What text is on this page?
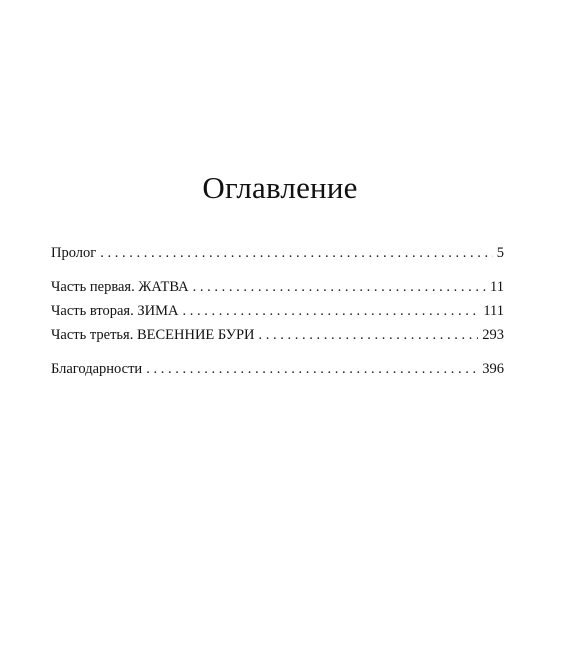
Оглавление
Пролог . . .	5
Часть первая. ЖАТВА . . .	11
Часть вторая. ЗИМА . . .	111
Часть третья. ВЕСЕННИЕ БУРИ . . .	293
Благодарности . . .	396
